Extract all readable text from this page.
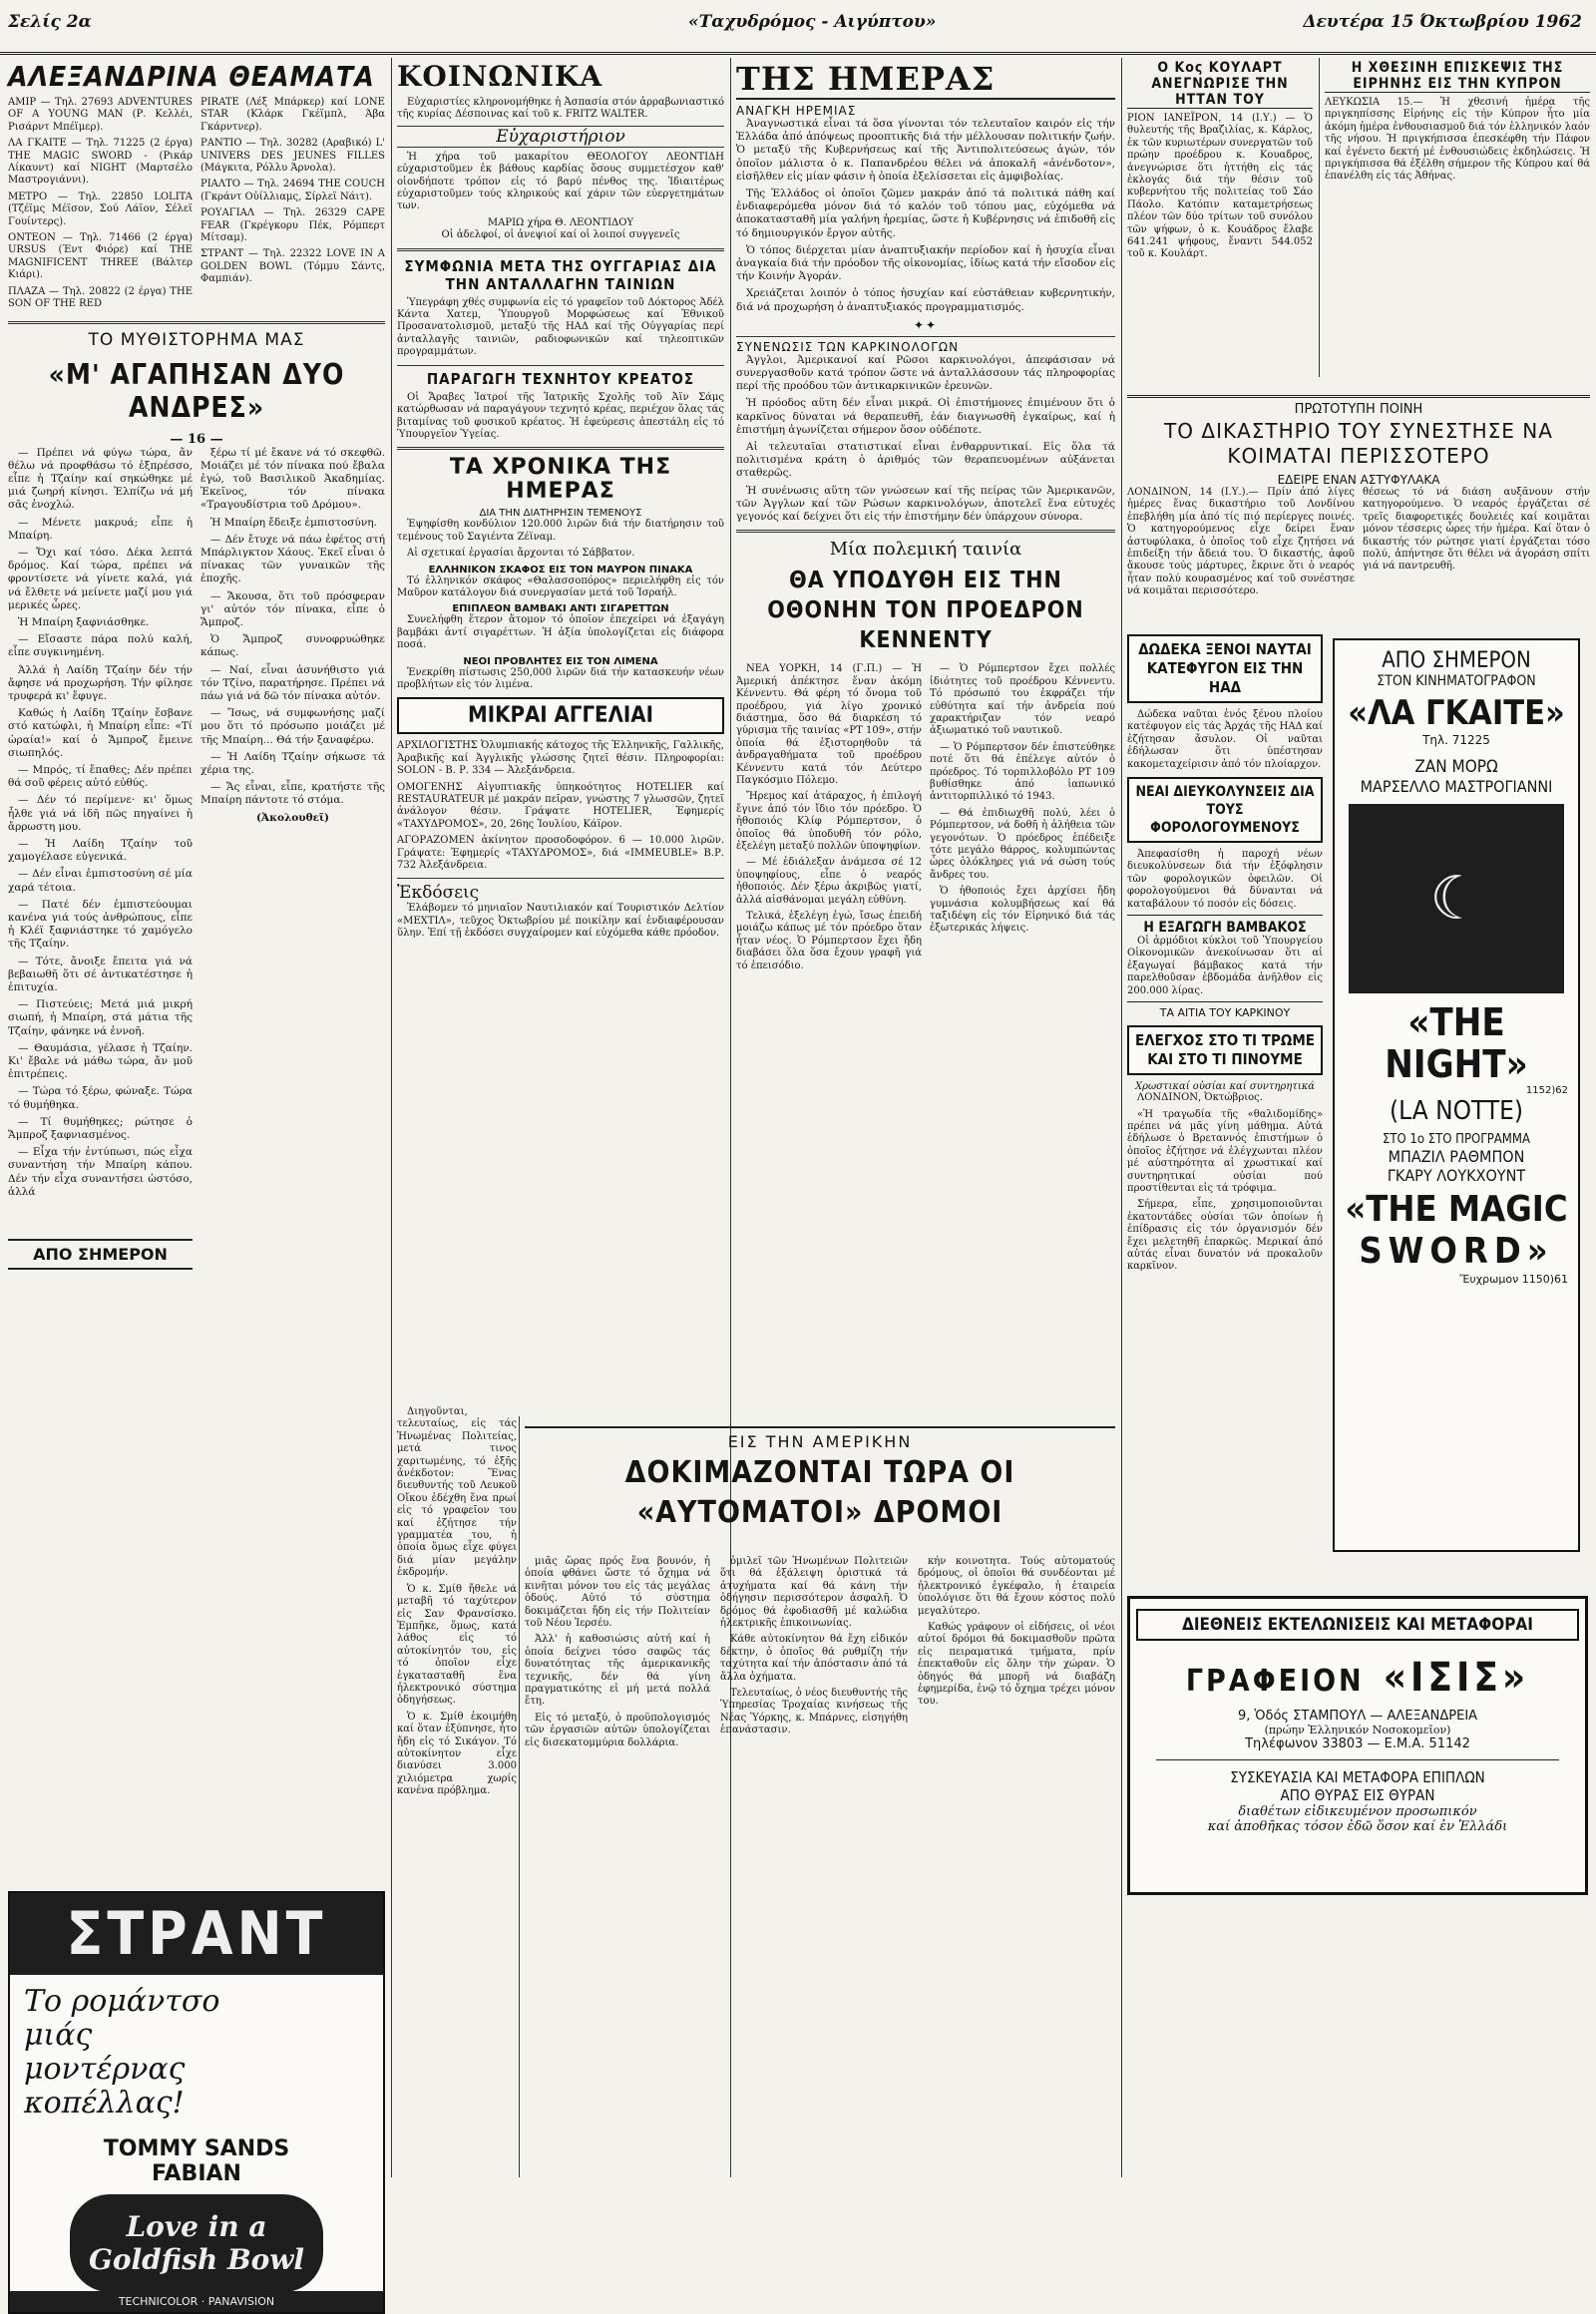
Σελίς 2α	«Ταχυδρόμος - Αιγύπτου»	Δευτέρα 15 Όκτωβρίου 1962
ΑΛΕΞΑΝΔΡΙΝΑ ΘΕΑΜΑΤΑ

ΑΜΙΡ — Τηλ. 27693 ADVENTURES OF A YOUNG MAN (Ρ. Κελλέι, Ρισάρντ Μπέϊμερ).

ΛΑ ΓΚΑΙΤΕ — Τηλ. 71225 (2 έργα) THE MAGIC SWORD - (Ρικάρ Λίκαυντ) καί NIGHT (Μαρτσέλο Μαστρογιάννι).

ΜΕΤΡΟ — Τηλ. 22850 LOLITA (Τζέϊμς Μέϊσον, Σού Λάϊον, Σέλεϊ Γουίντερς).

ΟΝΤΕΟΝ — Τηλ. 71466 (2 έργα) URSUS (Έντ Φιόρε) καί THE MAGNIFICENT THREE (Βάλτερ Κιάρι).

ΠΛΑΖΑ — Τηλ. 20822 (2 έργα) THE SON OF THE RED

PIRATE (Λέξ Μπάρκερ) καί LONE STAR (Κλάρκ Γκέϊμπλ, Άβα Γκάρντνερ).

ΡΑΝΤΙΟ — Τηλ. 30282 (Αραβικό) L' UNIVERS DES JEUNES FILLES (Μάγκιτα, Ρόλλυ Άρνολα).

ΡΙΑΛΤΟ — Τηλ. 24694 THE COUCH (Γκράντ Οὐίλλιαμς, Σίρλεϊ Νάιτ).

ΡΟΥΑΓΙΑΛ — Τηλ. 26329 CAPE FEAR (Γκρέγκορυ Πέκ, Ρόμπερτ Μίτσαμ).

ΣΤΡΑΝΤ — Τηλ. 22322 LOVE IN A GOLDEN BOWL (Τόμμυ Σάντς, Φαμπιάν).

ΤΟ ΜΥΘΙΣΤΟΡΗΜΑ ΜΑΣ
«Μ' ΑΓΑΠΗΣΑΝ ΔΥΟ ΑΝΔΡΕΣ»
— 16 —

— Πρέπει νά φύγω τώρα, ἄν θέλω νά προφθάσω τό ἐξπρέσσο, εἶπε ἡ Τζαίην καί σηκώθηκε μέ μιά ζωηρή κίνησι. Ἐλπίζω νά μή σᾶς ἐνοχλώ.

— Μένετε μακρυά; εἶπε ἡ Μπαίρη.

— Ὄχι καί τόσο. Δέκα λεπτά δρόμος. Καί τώρα, πρέπει νά φροντίσετε νά γίνετε καλά, γιά νά ἔλθετε νά μείνετε μαζί μου γιά μερικές ὧρες.

Ἡ Μπαίρη ξαφνιάσθηκε.

— Εἴσαστε πάρα πολύ καλή, εἶπε συγκινημένη.

Ἀλλά ἡ Λαίδη Τζαίην δέν τήν ἄφησε νά προχωρήση. Τήν φίλησε τρυφερά κι' ἔφυγε.

Καθώς ἡ Λαίδη Τζαίην ἔσβανε στό κατώφλι, ἡ Μπαίρη εἶπε: «Τί ὡραία!» καί ὁ Ἄμπροζ ἔμεινε σιωπηλός.

— Μπρός, τί ἔπαθες; Δέν πρέπει θά σοῦ φέρεις αὐτό εὐθύς.

— Δέν τό περίμενε· κι' ὅμως ἦλθε γιά νά ἰδῆ πῶς πηγαίνει ἡ ἄρρωστη μου.

— Ἡ Λαίδη Τζαίην τοῦ χαμογέλασε εὐγενικά.

— Δέν εἶναι ἐμπιστοσύνη σέ μία χαρά τέτοια.

— Πατέ δέν ἐμπιστεύουμαι κανένα γιά τούς ἀνθρώπους, εἶπε ἡ Κλέϊ ξαφνιάστηκε τό χαμόγελο τῆς Τζαίην.

— Τότε, ἄνοιξε ἔπειτα γιά νά βεβαιωθῆ ὅτι σέ ἀντικατέστησε ἡ ἐπιτυχία.

— Πιστεύεις; Μετά μιά μικρή σιωπή, ἡ Μπαίρη, στά μάτια τῆς Τζαίην, φάνηκε νά ἐννοῆ.

— Θαυμάσια, γέλασε ἡ Τζαίην. Κι' ἔβαλε νά μάθω τώρα, ἄν μοῦ ἐπιτρέπεις.

— Τώρα τό ξέρω, φώναξε. Τώρα τό θυμήθηκα.

— Τί θυμήθηκες; ρώτησε ὁ Ἄμπροζ ξαφνιασμένος.

— Εἶχα τήν ἐντύπωσι, πώς εἶχα συναντήση τήν Μπαίρη κάπου. Δέν τήν εἶχα συναντήσει ὡστόσο, ἀλλά

ΑΠΟ ΣΗΜΕΡΟΝ

ξέρω τί μέ ἔκανε νά τό σκεφθῶ. Μοιάζει μέ τόν πίνακα πού ἔβαλα ἐγώ, τοῦ Βασιλικοῦ Ἀκαδημίας. Ἐκεῖνος, τόν πίνακα «Τραγουδίστρια τοῦ Δρόμου».

Ἡ Μπαίρη ἔδειξε ἐμπιστοσύνη.

— Δέν ἔτυχε νά πάω ἐφέτος στή Μπάρλιγκτον Χάους. Ἐκεῖ εἶναι ὁ πίνακας τῶν γυναικῶν τῆς ἐποχῆς.

— Ἄκουσα, ὅτι τοῦ πρόσφεραν γι' αὐτόν τόν πίνακα, εἶπε ὁ Ἄμπροζ.

Ὁ Ἄμπροζ συνοφρυώθηκε κάπως.

— Ναί, εἶναι ἀσυνήθιστο γιά τόν Τζίνο, παρατήρησε. Πρέπει νά πάω γιά νά δῶ τόν πίνακα αὐτόν.

— Ἴσως, νά συμφωνήσης μαζί μου ὅτι τό πρόσωπο μοιάζει μέ τῆς Μπαίρη... Θά τήν ξαναφέρω.

— Ἡ Λαίδη Τζαίην σήκωσε τά χέρια της.

— Ἄς εἶναι, εἶπε, κρατήστε τῆς Μπαίρη πάντοτε τό στόμα.

(Ἀκολουθεῖ)

ΣΤΡΑΝΤ
Το ρομάντσο μιάς μοντέρνας κοπέλλας!
TOMMY SANDS
FABIAN
Love in a Goldfish Bowl
TECHNICOLOR · PANAVISION
ΚΟΙΝΩΝΙΚΑ

Εὐχαριστίες κληρονομήθηκε ἡ Ἀσπασία στόν ἀρραβωνιαστικό τῆς κυρίας Δέσποινας καί τοῦ κ. FRITZ WALTER.

Εὐχαριστήριον

Ἡ χήρα τοῦ μακαρίτου ΘΕΟΛΟΓΟΥ ΛΕΟΝΤΙΔΗ εὐχαριστοῦμεν ἐκ βάθους καρδίας ὅσους συμμετέσχον καθ' οἱονδήποτε τρόπον εἰς τό βαρύ πένθος της. Ἰδιαιτέρως εὐχαριστοῦμεν τούς κληρικούς καί χάριν τῶν εὐεργετημάτων των.

ΜΑΡΙΩ χήρα Θ. ΛΕΟΝΤΙΔΟΥ
Οἱ ἀδελφοί, οἱ ἀνεψιοί καί οἱ λοιποί συγγενεῖς

ΣΥΜΦΩΝΙΑ ΜΕΤΑ ΤΗΣ ΟΥΓΓΑΡΙΑΣ ΔΙΑ ΤΗΝ ΑΝΤΑΛΛΑΓΗΝ ΤΑΙΝΙΩΝ

Ὑπεγράφη χθές συμφωνία εἰς τό γραφεῖον τοῦ Δόκτορος Ἀδέλ Κάντα Χατεμ, Ὑπουργοῦ Μορφώσεως καί Ἐθνικοῦ Προσανατολισμοῦ, μεταξύ τῆς ΗΑΔ καί τῆς Οὐγγαρίας περί ἀνταλλαγῆς ταινιῶν, ραδιοφωνικῶν καί τηλεοπτικῶν προγραμμάτων.

ΠΑΡΑΓΩΓΗ ΤΕΧΝΗΤΟΥ ΚΡΕΑΤΟΣ

Οἱ Ἄραβες Ἰατροί τῆς Ἰατρικῆς Σχολῆς τοῦ Ἀϊν Σάμς κατώρθωσαν νά παραγάγουν τεχνητό κρέας, περιέχον ὅλας τάς βιταμίνας τοῦ φυσικοῦ κρέατος. Ἡ ἐφεύρεσις ἀπεστάλη εἰς τό Ὑπουργεῖον Ὑγείας.

ΤΑ ΧΡΟΝΙΚΑ ΤΗΣ ΗΜΕΡΑΣ
ΔΙΑ ΤΗΝ ΔΙΑΤΗΡΗΣΙΝ ΤΕΜΕΝΟΥΣ

Ἐψηφίσθη κονδύλιον 120.000 λιρῶν διά τήν διατήρησιν τοῦ τεμένους τοῦ Σαγιέντα Ζέϊναμ.

Αἱ σχετικαί ἐργασίαι ἄρχονται τό Σάββατον.

ΕΛΛΗΝΙΚΟΝ ΣΚΑΦΟΣ ΕΙΣ ΤΟΝ ΜΑΥΡΟΝ ΠΙΝΑΚΑ

Τό ἑλληνικόν σκάφος «Θαλασσοπόρος» περιελήφθη εἰς τόν Μαῦρον κατάλογον διά συνεργασίαν μετά τοῦ Ἰσραήλ.

ΕΠΙΠΛΕΟΝ ΒΑΜΒΑΚΙ ΑΝΤΙ ΣΙΓΑΡΕΤΤΩΝ

Συνελήφθη ἕτερον ἄτομον τό ὁποῖον ἐπεχείρει νά ἐξαγάγη βαμβάκι ἀντί σιγαρέττων. Ἡ ἀξία ὑπολογίζεται εἰς διάφορα ποσά.

ΝΕΟΙ ΠΡΟΒΛΗΤΕΣ ΕΙΣ ΤΟΝ ΛΙΜΕΝΑ

Ἐνεκρίθη πίστωσις 250,000 λιρῶν διά τήν κατασκευήν νέων προβλήτων εἰς τόν λιμένα.

ΜΙΚΡΑΙ ΑΓΓΕΛΙΑΙ

ΑΡΧΙΛΟΓΙΣΤΗΣ Ὀλυμπιακής κάτοχος τῆς Ἑλληνικῆς, Γαλλικῆς, Ἀραβικῆς καί Ἀγγλικῆς γλώσσης ζητεῖ θέσιν. Πληροφορίαι: SOLON - Β. Ρ. 334 — Ἀλεξάνδρεια.

ΟΜΟΓΕΝΗΣ Αἰγυπτιακῆς ὑπηκοότητος HOTELIER καί RESTAURATEUR μέ μακράν πεῖραν, γνώστης 7 γλωσσῶν, ζητεῖ ἀνάλογον θέσιν. Γράψατε HOTELIER, Ἐφημερίς «ΤΑΧΥΔΡΟΜΟΣ», 20, 26ης Ἰουλίου, Κάϊρον.

ΑΓΟΡΑΖΟΜΕΝ ἀκίνητον προσοδοφόρον. 6 — 10.000 λιρῶν. Γράψατε: Ἐφημερίς «ΤΑΧΥΔΡΟΜΟΣ», διά «IMMEUBLE» Β.Ρ. 732 Ἀλεξάνδρεια.

Ἐκδόσεις

Ἐλάβομεν τό μηνιαῖον Ναυτιλιακόν καί Τουριστικόν Δελτίον «ΜΕΧΤΙΛ», τεῦχος Ὀκτωβρίου μέ ποικίλην καί ἐνδιαφέρουσαν ὕλην. Ἐπί τῇ ἐκδόσει συγχαίρομεν καί εὐχόμεθα κάθε πρόοδον.

ΤΗΣ ΗΜΕΡΑΣ
ΑΝΑΓΚΗ ΗΡΕΜΙΑΣ

Ἀναγνωστικά εἶναι τά ὅσα γίνονται τόν τελευταῖον καιρόν εἰς τήν Ἑλλάδα ἀπό ἀπόψεως προοπτικῆς διά τήν μέλλουσαν πολιτικήν ζωήν. Ὁ μεταξύ τῆς Κυβερνήσεως καί τῆς Ἀντιπολιτεύσεως ἀγών, τόν ὁποῖον μάλιστα ὁ κ. Παπανδρέου θέλει νά ἀποκαλῆ «ἀνένδοτον», εἰσῆλθεν εἰς μίαν φάσιν ἡ ὁποία ἐξελίσσεται εἰς ἀμφιβολίας.

Τῆς Ἑλλάδος οἱ ὁποῖοι ζῶμεν μακράν ἀπό τά πολιτικά πάθη καί ἐνδιαφερόμεθα μόνον διά τό καλόν τοῦ τόπου μας, εὐχόμεθα νά ἀποκατασταθῆ μία γαλήνη ἠρεμίας, ὥστε ἡ Κυβέρνησις νά ἐπιδοθῆ εἰς τό δημιουργικόν ἔργον αὐτῆς.

Ὁ τόπος διέρχεται μίαν ἀναπτυξιακήν περίοδον καί ἡ ἡσυχία εἶναι ἀναγκαία διά τήν πρόοδον τῆς οἰκονομίας, ἰδίως κατά τήν εἴσοδον εἰς τήν Κοινήν Ἀγοράν.

Χρειάζεται λοιπόν ὁ τόπος ἡσυχίαν καί εὐστάθειαν κυβερνητικήν, διά νά προχωρήση ὁ ἀναπτυξιακός προγραμματισμός.

✦✦
ΣΥΝΕΝΩΣΙΣ ΤΩΝ ΚΑΡΚΙΝΟΛΟΓΩΝ

Ἀγγλοι, Ἀμερικανοί καί Ρῶσοι καρκινολόγοι, ἀπεφάσισαν νά συνεργασθοῦν κατά τρόπον ὥστε νά ἀνταλλάσσουν τάς πληροφορίας περί τῆς προόδου τῶν ἀντικαρκινικῶν ἐρευνῶν.

Ἡ πρόοδος αὕτη δέν εἶναι μικρά. Οἱ ἐπιστήμονες ἐπιμένουν ὅτι ὁ καρκῖνος δύναται νά θεραπευθῆ, ἐάν διαγνωσθῆ ἐγκαίρως, καί ἡ ἐπιστήμη ἀγωνίζεται σήμερον ὅσον οὐδέποτε.

Αἱ τελευταῖαι στατιστικαί εἶναι ἐνθαρρυντικαί. Εἰς ὅλα τά πολιτισμένα κράτη ὁ ἀριθμός τῶν θεραπευομένων αὐξάνεται σταθερῶς.

Ἡ συνένωσις αὕτη τῶν γνώσεων καί τῆς πείρας τῶν Ἀμερικανῶν, τῶν Ἀγγλων καί τῶν Ρώσων καρκινολόγων, ἀποτελεῖ ἕνα εὐτυχές γεγονός καί δείχνει ὅτι εἰς τήν ἐπιστήμην δέν ὑπάρχουν σύνορα.

Μία πολεμική ταινία
ΘΑ ΥΠΟΔΥΘΗ ΕΙΣ ΤΗΝ ΟΘΟΝΗΝ ΤΟΝ ΠΡΟΕΔΡΟΝ ΚΕΝΝΕΝΤΥ

ΝΕΑ ΥΟΡΚΗ, 14 (Γ.Π.) — Ἡ Ἀμερική ἀπέκτησε ἕναν ἀκόμη Κέννεντυ. Θά φέρη τό ὄνομα τοῦ προέδρου, γιά λίγο χρονικό διάστημα, ὅσο θά διαρκέση τό γύρισμα τῆς ταινίας «ΡΤ 109», στήν ὁποία θά ἐξιστορηθοῦν τά ἀνδραγαθήματα τοῦ προέδρου Κέννεντυ κατά τόν Δεύτερο Παγκόσμιο Πόλεμο.

Ἤρεμος καί ἀτάραχος, ἡ ἐπιλογή ἔγινε ἀπό τόν ἴδιο τόν πρόεδρο. Ὁ ἠθοποιός Κλίφ Ρόμπερτσον, ὁ ὁποῖος θά ὑποδυθῆ τόν ρόλο, ἐξελέγη μεταξύ πολλῶν ὑποψηφίων.

— Μέ ἐδιάλεξαν ἀνάμεσα σέ 12 ὑποψηφίους, εἶπε ὁ νεαρός ἠθοποιός. Δέν ξέρω ἀκριβῶς γιατί, ἀλλά αἰσθάνομαι μεγάλη εὐθύνη.

Τελικά, ἐξελέγη ἐγώ, ἴσως ἐπειδή μοιάζω κάπως μέ τόν πρόεδρο ὅταν ἦταν νέος. Ὁ Ρόμπερτσον ἔχει ἤδη διαβάσει ὅλα ὅσα ἔχουν γραφῆ γιά τό ἐπεισόδιο.

— Ὁ Ρόμπερτσον ἔχει πολλές ἰδιότητες τοῦ προέδρου Κέννεντυ. Τό πρόσωπό του ἐκφράζει τήν εὐθύτητα καί τήν ἀνδρεία πού χαρακτήριζαν τόν νεαρό ἀξιωματικό τοῦ ναυτικοῦ.

— Ὁ Ρόμπερτσον δέν ἐπιστεύθηκε ποτέ ὅτι θά ἐπέλεγε αὐτόν ὁ πρόεδρος. Τό τορπιλλοβόλο ΡΤ 109 βυθίσθηκε ἀπό ἰαπωνικό ἀντιτορπιλλικό τό 1943.

— Θά ἐπιδιωχθῆ πολύ, λέει ὁ Ρόμπερτσον, νά δοθῆ ἡ ἀλήθεια τῶν γεγονότων. Ὁ πρόεδρος ἐπέδειξε τότε μεγάλο θάρρος, κολυμπώντας ὧρες ὁλόκληρες γιά νά σώση τούς ἄνδρες του.

Ὁ ἠθοποιός ἔχει ἀρχίσει ἤδη γυμνάσια κολυμβήσεως καί θά ταξιδέψη εἰς τόν Εἰρηνικό διά τάς ἐξωτερικάς λήψεις.

ΕΙΣ ΤΗΝ ΑΜΕΡΙΚΗΝ
ΔΟΚΙΜΑΖΟΝΤΑΙ ΤΩΡΑ ΟΙ «ΑΥΤΟΜΑΤΟΙ» ΔΡΟΜΟΙ

Διηγοῦνται, τελευταίως, εἰς τάς Ἡνωμένας Πολιτείας, μετά τινος χαριτωμένης, τό ἑξῆς ἀνέκδοτον: Ἕνας διευθυντής τοῦ Λευκοῦ Οἴκου ἐδέχθη ἕνα πρωί εἰς τό γραφεῖον του καί ἐζήτησε τήν γραμματέα του, ἡ ὁποία ὅμως εἶχε φύγει διά μίαν μεγάλην ἐκδρομήν.

Ὁ κ. Σμίθ ἤθελε νά μεταβῆ τό ταχύτερον εἰς Σαν Φρανσίσκο. Ἐμπῆκε, ὅμως, κατά λάθος εἰς τό αὐτοκίνητόν του, εἰς τό ὁποῖον εἶχε ἐγκατασταθῆ ἕνα ἠλεκτρονικό σύστημα ὁδηγήσεως.

Ὁ κ. Σμίθ ἐκοιμήθη καί ὅταν ἐξύπνησε, ἦτο ἤδη εἰς τό Σικάγον. Τό αὐτοκίνητον εἶχε διανύσει 3.000 χιλιόμετρα χωρίς κανένα πρόβλημα.

μιᾶς ὥρας πρός ἕνα βουνόν, ἡ ὁποία φθάνει ὥστε τό ὄχημα νά κινῆται μόνον του εἰς τάς μεγάλας ὁδούς. Αὐτό τό σύστημα δοκιμάζεται ἤδη εἰς τήν Πολιτείαν τοῦ Νέου Ἰερσέυ.

Ἀλλ' ἡ καθοσιώσις αὐτή καί ἡ ὁποία δείχνει τόσο σαφῶς τάς δυνατότητας τῆς ἀμερικανικῆς τεχνικῆς, δέν θά γίνη πραγματικότης εἰ μή μετά πολλά ἔτη.

Εἰς τό μεταξύ, ὁ προϋπολογισμός τῶν ἐργασιῶν αὐτῶν ὑπολογίζεται εἰς δισεκατομμύρια δολλάρια.

ὁμιλεῖ τῶν Ἡνωμένων Πολιτειῶν ὅτι θά ἐξάλειψη ὁριστικά τά ἀτυχήματα καί θά κάνη τήν ὁδήγησιν περισσότερον ἀσφαλῆ. Ὁ δρόμος θά ἐφοδιασθῆ μέ καλώδια ἠλεκτρικῆς ἐπικοινωνίας.

Κάθε αὐτοκίνητον θά ἔχη εἰδικόν δέκτην, ὁ ὁποῖος θά ρυθμίζη τήν ταχύτητα καί τήν ἀπόστασιν ἀπό τά ἄλλα ὀχήματα.

Τελευταίως, ὁ νέος διευθυντής τῆς Ὑπηρεσίας Τροχαίας κινήσεως τῆς Νέας Ὑόρκης, κ. Μπάρνες, εἰσηγήθη ἐπανάστασιν.

κήν κοινοτητα. Τούς αὐτοματούς δρόμους, οἱ ὁποῖοι θά συνδέονται μέ ἠλεκτρονικό ἐγκέφαλο, ἡ ἐταιρεία ὑπολόγισε ὅτι θά ἔχουν κόστος πολύ μεγαλύτερο.

Καθώς γράφουν οἱ εἰδήσεις, οἱ νέοι αὐτοί δρόμοι θά δοκιμασθοῦν πρῶτα εἰς πειραματικά τμήματα, πρίν ἐπεκταθοῦν εἰς ὅλην τήν χώραν. Ὁ ὁδηγός θά μπορῆ νά διαβάζη ἐφημερίδα, ἐνῷ τό ὄχημα τρέχει μόνον του.

Ο Κος ΚΟΥΛΑΡΤ ΑΝΕΓΝΩΡΙΣΕ ΤΗΝ ΗΤΤΑΝ ΤΟΥ

ΡΙΟΝ ΙΑΝΕΪΡΟΝ, 14 (Ι.Υ.) — Ὁ θυλευτής τῆς Βραζιλίας, κ. Κάρλος, ἐκ τῶν κυριωτέρων συνεργατῶν τοῦ πρώην προέδρου κ. Κουαδρος, ἀνεγνώρισε ὅτι ἡττήθη εἰς τάς ἐκλογάς διά τήν θέσιν τοῦ κυβερνήτου τῆς πολιτείας τοῦ Σάο Πάολο. Κατόπιν καταμετρήσεως πλέον τῶν δύο τρίτων τοῦ συνόλου τῶν ψήφων, ὁ κ. Κουάδρος ἔλαβε 641.241 ψήφους, ἔναντι 544.052 τοῦ κ. Κουλάρτ.

Η ΧΘΕΣΙΝΗ ΕΠΙΣΚΕΨΙΣ ΤΗΣ ΕΙΡΗΝΗΣ ΕΙΣ ΤΗΝ ΚΥΠΡΟΝ

ΛΕΥΚΩΣΙΑ 15.— Ἡ χθεσινή ἡμέρα τῆς πριγκηπίσσης Εἰρήνης εἰς τήν Κύπρον ἦτο μία ἀκόμη ἡμέρα ἐνθουσιασμοῦ διά τόν ἑλληνικόν λαόν τῆς νήσου. Ἡ πριγκήπισσα ἐπεσκέφθη τήν Πάφον καί ἐγένετο δεκτή μέ ἐνθουσιώδεις ἐκδηλώσεις. Ἡ πριγκήπισσα θά ἐξέλθη σήμερον τῆς Κύπρου καί θά ἐπανέλθη εἰς τάς Ἀθήνας.

ΠΡΩΤΟΤΥΠΗ ΠΟΙΝΗ
ΤΟ ΔΙΚΑΣΤΗΡΙΟ ΤΟΥ ΣΥΝΕΣΤΗΣΕ ΝΑ ΚΟΙΜΑΤΑΙ ΠΕΡΙΣΣΟΤΕΡΟ
ΕΔΕΙΡΕ ΕΝΑΝ ΑΣΤΥΦΥΛΑΚΑ

ΛΟΝΔΙΝΟΝ, 14 (Ι.Υ.).— Πρίν ἀπό λίγες ἡμέρες ἕνας δικαστήριο τοῦ Λονδίνου ἐπεβλήθη μία ἀπό τίς πιό περίεργες ποινές. Ὁ κατηγορούμενος εἶχε δείρει ἕναν ἀστυφύλακα, ὁ ὁποῖος τοῦ εἶχε ζητήσει νά ἐπιδείξη τήν ἄδειά του. Ὁ δικαστής, ἀφοῦ ἄκουσε τούς μάρτυρες, ἔκρινε ὅτι ὁ νεαρός ἦταν πολύ κουρασμένος καί τοῦ συνέστησε νά κοιμᾶται περισσότερο.

θέσεως τό νά διάση αυξᾶνουν στήν κατηγορούμενο. Ὁ νεαρός ἐργάζεται σέ τρεῖς διαφορετικές δουλειές καί κοιμᾶται μόνον τέσσερις ὧρες τήν ἡμέρα. Καί ὅταν ὁ δικαστής τόν ρώτησε γιατί ἐργάζεται τόσο πολύ, ἀπήντησε ὅτι θέλει νά ἀγοράση σπίτι γιά νά παντρευθῆ.

ΔΩΔΕΚΑ ΞΕΝΟΙ ΝΑΥΤΑΙ ΚΑΤΕΦΥΓΟΝ ΕΙΣ ΤΗΝ ΗΑΔ

Δώδεκα ναῦται ἑνός ξένου πλοίου κατέφυγον εἰς τάς Ἀρχάς τῆς ΗΑΔ καί ἐζήτησαν ἄσυλον. Οἱ ναῦται ἐδήλωσαν ὅτι ὑπέστησαν κακομεταχείρισιν ἀπό τόν πλοίαρχον.

ΝΕΑΙ ΔΙΕΥΚΟΛΥΝΣΕΙΣ ΔΙΑ ΤΟΥΣ ΦΟΡΟΛΟΓΟΥΜΕΝΟΥΣ

Ἀπεφασίσθη ἡ παροχή νέων διευκολύνσεων διά τήν ἐξόφλησιν τῶν φορολογικῶν ὀφειλῶν. Οἱ φορολογούμενοι θά δύνανται νά καταβάλουν τό ποσόν εἰς δόσεις.

Η ΕΞΑΓΩΓΗ ΒΑΜΒΑΚΟΣ

Οἱ ἁρμόδιοι κύκλοι τοῦ Ὑπουργείου Οἰκονομικῶν ἀνεκοίνωσαν ὅτι αἱ ἐξαγωγαί βάμβακος κατά τήν παρελθοῦσαν ἑβδομάδα ἀνῆλθον εἰς 200.000 λίρας.

ΤΑ ΑΙΤΙΑ ΤΟΥ ΚΑΡΚΙΝΟΥ
ΕΛΕΓΧΟΣ ΣΤΟ ΤΙ ΤΡΩΜΕ ΚΑΙ ΣΤΟ ΤΙ ΠΙΝΟΥΜΕ
Χρωστικαί οὐσίαι καί συντηρητικά

ΛΟΝΔΙΝΟΝ, Ὀκτώβριος.

«Ἡ τραγωδία τῆς «θαλιδομίδης» πρέπει νά μᾶς γίνη μάθημα. Αὐτά ἐδήλωσε ὁ Βρεταννός ἐπιστήμων ὁ ὁποῖος ἐζήτησε νά ἐλέγχωνται πλέον μέ αὐστηρότητα αἱ χρωστικαί καί συντηρητικαί οὐσίαι πού προστίθενται εἰς τά τρόφιμα.

Σήμερα, εἶπε, χρησιμοποιοῦνται ἑκατοντάδες οὐσίαι τῶν ὁποίων ἡ ἐπίδρασις εἰς τόν ὀργανισμόν δέν ἔχει μελετηθῆ ἐπαρκῶς. Μερικαί ἀπό αὐτάς εἶναι δυνατόν νά προκαλοῦν καρκῖνον.

ΑΠΟ ΣΗΜΕΡΟΝ
ΣΤΟΝ ΚΙΝΗΜΑΤΟΓΡΑΦΟΝ
«ΛΑ ΓΚΑΙΤΕ»
Τηλ. 71225
ΖΑΝ ΜΟΡΩ
ΜΑΡΣΕΛΛΟ ΜΑΣΤΡΟΓΙΑΝΝΙ
☾
«THE NIGHT»
1152)62
(LA NOTTE)
ΣΤΟ 1ο ΣΤΟ ΠΡΟΓΡΑΜΜΑ
ΜΠΑΖΙΛ ΡΑΘΜΠΟΝ
ΓΚΑΡΥ ΛΟΥΚΧΟΥΝΤ
«THE MAGIC
SWORD»
Ἔυχρωμον 1150)61
ΔΙΕΘΝΕΙΣ ΕΚΤΕΛΩΝΙΣΕΙΣ ΚΑΙ ΜΕΤΑΦΟΡΑΙ
ΓΡΑΦΕΙΟΝ «ΙΣΙΣ»
9, Ὁδός ΣΤΑΜΠΟΥΛ — ΑΛΕΞΑΝΔΡΕΙΑ
(πρώην Ἑλληνικόν Νοσοκομεῖον)
Τηλέφωνον 33803 — Ε.Μ.Α. 51142
ΣΥΣΚΕΥΑΣΙΑ ΚΑΙ ΜΕΤΑΦΟΡΑ ΕΠΙΠΛΩΝ
ΑΠΟ ΘΥΡΑΣ ΕΙΣ ΘΥΡΑΝ
διαθέτων εἰδικευμένον προσωπικόν
καί ἀποθῆκας τόσον ἐδῶ ὅσον καί ἐν Ἑλλάδι
